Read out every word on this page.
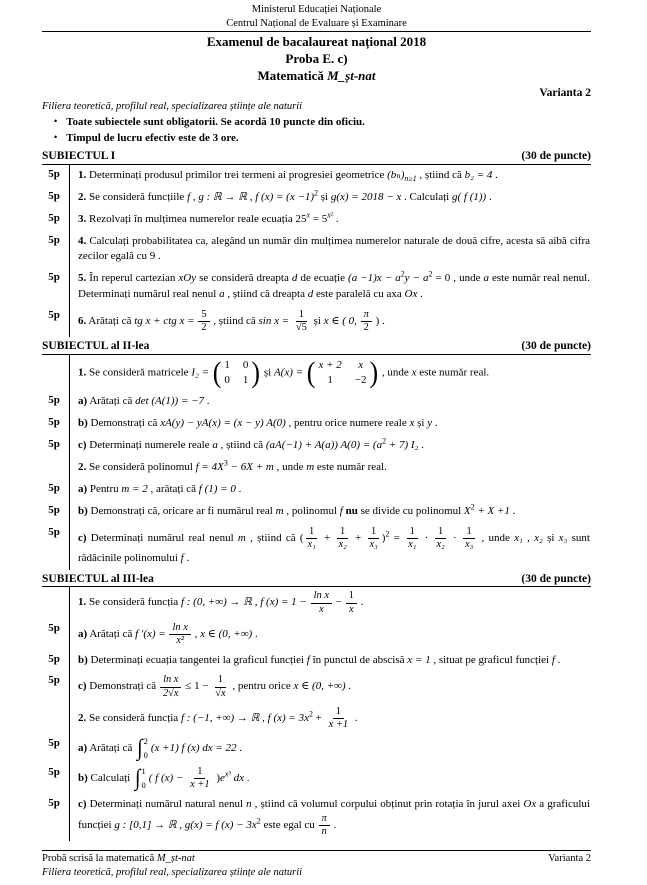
Ministerul Educației Naționale
Centrul Național de Evaluare și Examinare
Examenul de bacalaureat național 2018
Proba E. c)
Matematică M_șt-nat
Varianta 2
Filiera teoretică, profilul real, specializarea științe ale naturii
• Toate subiectele sunt obligatorii. Se acordă 10 puncte din oficiu.
• Timpul de lucru efectiv este de 3 ore.
SUBIECTUL I	(30 de puncte)
5p	1. Determinați produsul primilor trei termeni ai progresiei geometrice $(b_n)_{n\ge 1}$ , știind că b₂ = 4 .
5p	2. Se consideră funcțiile f , g : ℝ → ℝ , f $(x) = (x -1)^2$ și g(x) = 2018 − x . Calculați g( f (1)) .
5p	3. Rezolvați în mulțimea numerelor reale ecuația $25^x = 5^{x^2}$ .
5p	4. Calculați probabilitatea ca, alegând un număr din mulțimea numerelor naturale de două cifre, acesta să aibă cifra zecilor egală cu 9 .
5p	5. În reperul cartezian xOy se consideră dreapta d de ecuație $(a -1)x - a^2y - a^2 = 0$ , unde a este număr real nenul. Determinați numărul real nenul a , știind că dreapta d este paralelă cu axa Ox .
5p
6. Arătați că tg x + ctg $x = \frac{5}{2}$ , știind că $\sin x = \frac{1}{√5}$ și x ∈ ( 0, $\frac{\pi}{2}$ ) .
SUBIECTUL al II-lea	(30 de puncte)
1. Se consideră matricele I₂ = ( 1 0
0 1 ) și A(x) = ( x + 2	x
1	−2 ) , unde x este număr real.
5p	a) Arătați că det (A(1)) = −7 .
5p	b) Demonstrați că xA(y) − yA(x) = (x − y) A(0) , pentru orice numere reale x și y .
5p	c) Determinați numerele reale a , știind că (aA(−1) + A(a)) $A(0) = (a^2 + 7)$ I₂ .
2. Se consideră polinomul $f = 4X^3 - 6X + m$ , unde m este număr real.
5p	a) Pentru m = 2 , arătați că f (1) = 0 .
5p	b) Demonstrați că, oricare ar fi numărul real m , polinomul f nu se divide cu polinomul $X^2 + X +1$ .
5p
c) Determinați numărul real nenul m , știind că ( $\frac{1}{\text{x₁}} + \frac{1}{\text{x₂}} + \frac{1}{\text{x₃}} )^2 = \frac{1}{\text{x₁}} \cdot \frac{1}{\text{x₂}} \cdot \frac{1}{\text{x₃}}$ , unde x₁ , x₂ și x₃ sunt rădăcinile polinomului f .
SUBIECTUL al III-lea	(30 de puncte)
1. Se consideră funcția f : (0, +∞) → ℝ , f $(x) = 1 - \frac{\text{ln x}}{x} - \frac{1}{x}$ .
5p
a) Arătați că f $'(x) = \frac{\text{ln x}}{\text{x²}}$ , x ∈ (0, +∞) .
5p	b) Determinați ecuația tangentei la graficul funcției f în punctul de abscisă x = 1 , situat pe graficul funcției f .
5p
c) Demonstrați că $\frac{\text{ln x}}{2√x} \le 1 - \frac{1}{√x}$ , pentru orice x ∈ (0, +∞) .
2. Se consideră funcția f : (−1, +∞) → ℝ , f $(x) = 3x^2 + \frac{1}{x +1}$ .
5p	a) Arătați că ∫ 2
0
(x +1) f (x) dx = 22 .
5p
b) Calculați ∫ 1
0
( f $(x) - \frac{1}{x +1} )e^{x^3}$ dx .
5p	c) Determinați numărul natural nenul n , știind că volumul corpului obținut prin rotația în jurul axei Ox a graficului funcției g : [0,1] → ℝ , g(x) = f $(x) - 3x^2$ este egal cu $\frac{\pi}{n}$ .
Probă scrisă la matematică M_șt-nat	Varianta 2
Filiera teoretică, profilul real, specializarea științe ale naturii
